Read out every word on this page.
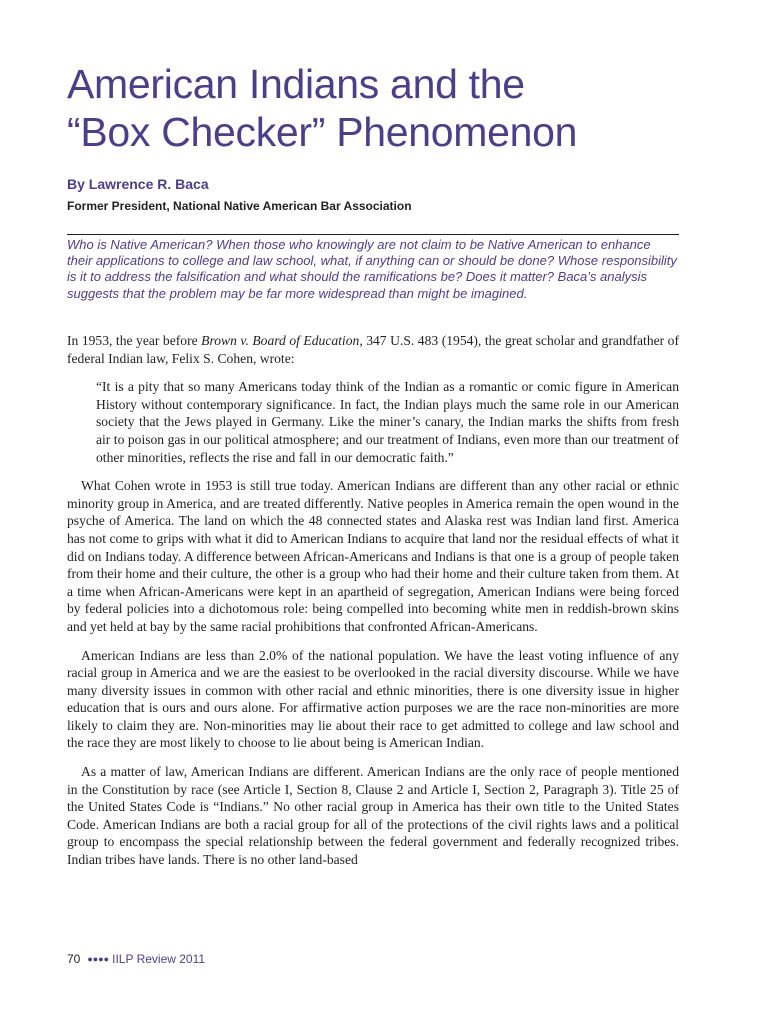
American Indians and the
“Box Checker” Phenomenon
By Lawrence R. Baca
Former President, National Native American Bar Association

Who is Native American? When those who knowingly are not claim to be Native American to enhance their applications to college and law school, what, if anything can or should be done? Whose responsibility is it to address the falsification and what should the ramifications be? Does it matter? Baca’s analysis suggests that the problem may be far more widespread than might be imagined.

In 1953, the year before Brown v. Board of Education, 347 U.S. 483 (1954), the great scholar and grandfather of federal Indian law, Felix S. Cohen, wrote:

“It is a pity that so many Americans today think of the Indian as a romantic or comic figure in American History without contemporary significance. In fact, the Indian plays much the same role in our American society that the Jews played in Germany. Like the miner’s canary, the Indian marks the shifts from fresh air to poison gas in our political atmosphere; and our treatment of Indians, even more than our treatment of other minorities, reflects the rise and fall in our democratic faith.”

What Cohen wrote in 1953 is still true today. American Indians are different than any other racial or ethnic minority group in America, and are treated differently. Native peoples in America remain the open wound in the psyche of America. The land on which the 48 connected states and Alaska rest was Indian land first. America has not come to grips with what it did to American Indians to acquire that land nor the residual effects of what it did on Indians today. A difference between African-Americans and Indians is that one is a group of people taken from their home and their culture, the other is a group who had their home and their culture taken from them. At a time when African-Americans were kept in an apartheid of segregation, American Indians were being forced by federal policies into a dichotomous role: being compelled into becoming white men in reddish-brown skins and yet held at bay by the same racial prohibitions that confronted African-Americans.

American Indians are less than 2.0% of the national population. We have the least voting influence of any racial group in America and we are the easiest to be overlooked in the racial diversity discourse. While we have many diversity issues in common with other racial and ethnic minorities, there is one diversity issue in higher education that is ours and ours alone. For affirmative action purposes we are the race non-minorities are more likely to claim they are. Non-minorities may lie about their race to get admitted to college and law school and the race they are most likely to choose to lie about being is American Indian.

As a matter of law, American Indians are different. American Indians are the only race of people mentioned in the Constitution by race (see Article I, Section 8, Clause 2 and Article I, Section 2, Paragraph 3). Title 25 of the United States Code is “Indians.” No other racial group in America has their own title to the United States Code. American Indians are both a racial group for all of the protections of the civil rights laws and a political group to encompass the special relationship between the federal government and federally recognized tribes. Indian tribes have lands. There is no other land-based

70 ●●●● IILP Review 2011
